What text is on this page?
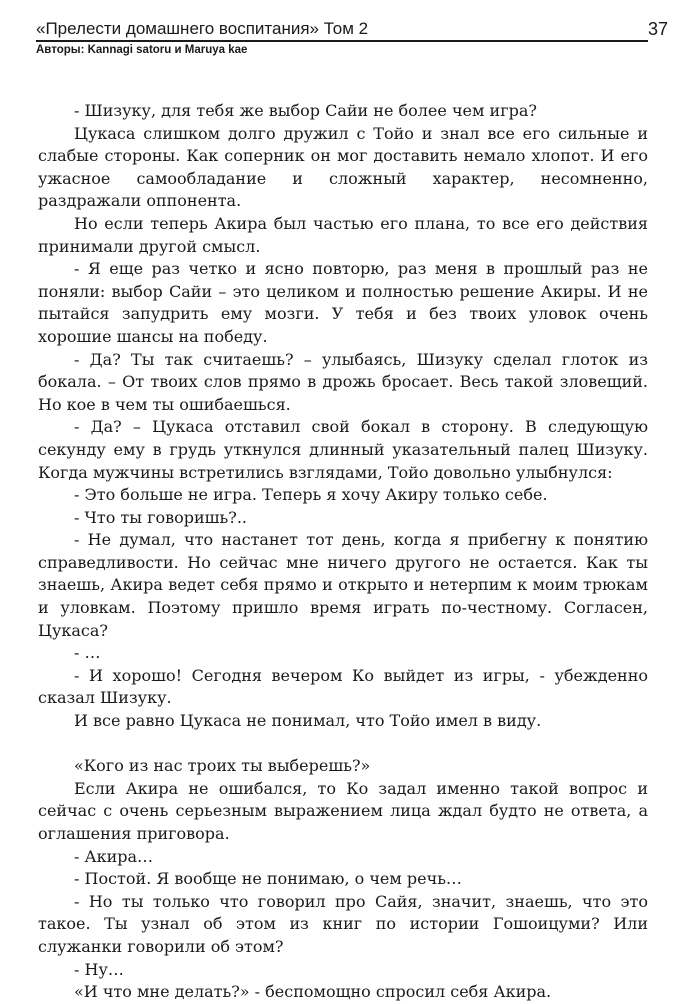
«Прелести домашнего воспитания» Том 2
Авторы: Kannagi satoru и Maruya kae
37

- Шизуку, для тебя же выбор Сайи не более чем игра?

Цукаса слишком долго дружил с Тойо и знал все его сильные и слабые стороны. Как соперник он мог доставить немало хлопот. И его ужасное самообладание и сложный характер, несомненно, раздражали оппонента.

Но если теперь Акира был частью его плана, то все его действия принимали другой смысл.

- Я еще раз четко и ясно повторю, раз меня в прошлый раз не поняли: выбор Сайи – это целиком и полностью решение Акиры. И не пытайся запудрить ему мозги. У тебя и без твоих уловок очень хорошие шансы на победу.

- Да? Ты так считаешь? – улыбаясь, Шизуку сделал глоток из бокала. – От твоих слов прямо в дрожь бросает. Весь такой зловещий. Но кое в чем ты ошибаешься.

- Да? – Цукаса отставил свой бокал в сторону. В следующую секунду ему в грудь уткнулся длинный указательный палец Шизуку. Когда мужчины встретились взглядами, Тойо довольно улыбнулся:

- Это больше не игра. Теперь я хочу Акиру только себе.

- Что ты говоришь?..

- Не думал, что настанет тот день, когда я прибегну к понятию справедливости. Но сейчас мне ничего другого не остается. Как ты знаешь, Акира ведет себя прямо и открыто и нетерпим к моим трюкам и уловкам. Поэтому пришло время играть по-честному. Согласен, Цукаса?

- …

- И хорошо! Сегодня вечером Ко выйдет из игры, - убежденно сказал Шизуку.

И все равно Цукаса не понимал, что Тойо имел в виду.

«Кого из нас троих ты выберешь?»

Если Акира не ошибался, то Ко задал именно такой вопрос и сейчас с очень серьезным выражением лица ждал будто не ответа, а оглашения приговора.

- Акира…

- Постой. Я вообще не понимаю, о чем речь…

- Но ты только что говорил про Сайя, значит, знаешь, что это такое. Ты узнал об этом из книг по истории Гошоицуми? Или служанки говорили об этом?

- Ну…

«И что мне делать?» - беспомощно спросил себя Акира.
